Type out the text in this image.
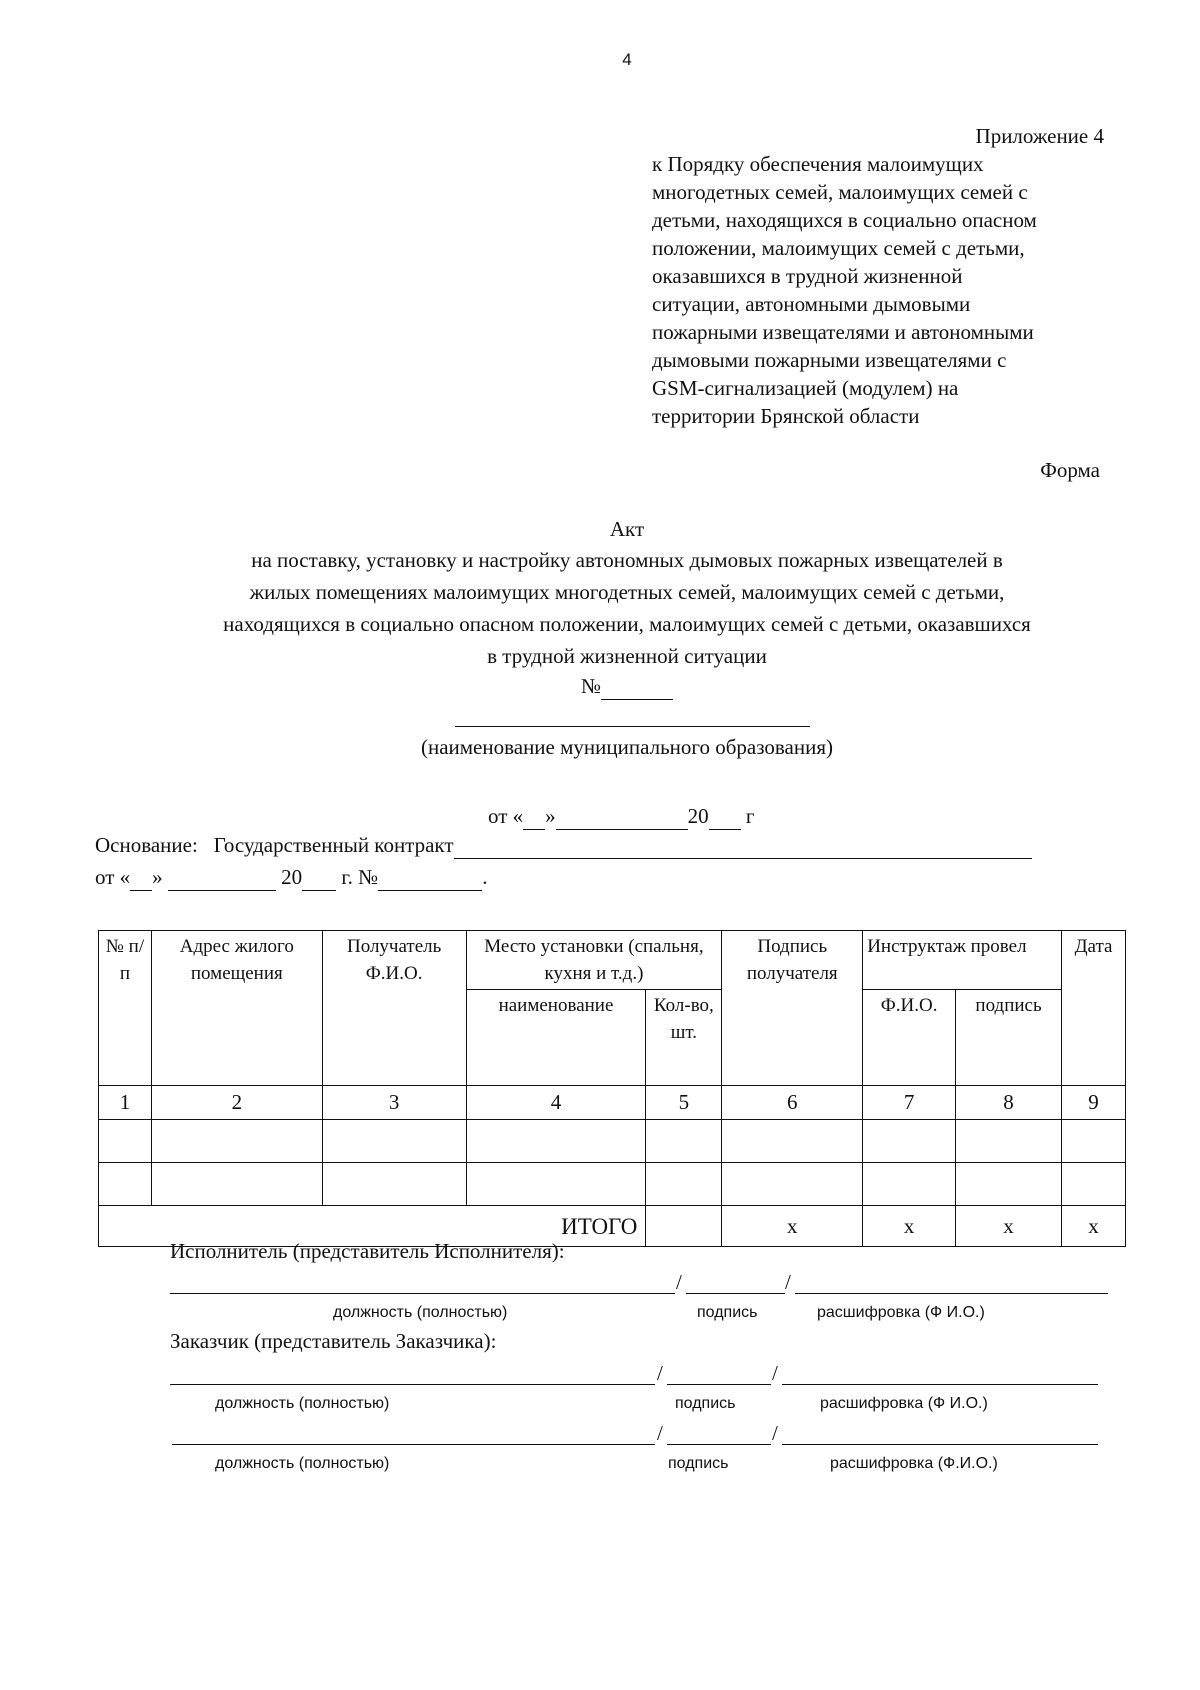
4
Приложение 4
к Порядку обеспечения малоимущих
многодетных семей, малоимущих семей с
детьми, находящихся в социально опасном
положении, малоимущих семей с детьми,
оказавшихся в трудной жизненной
ситуации, автономными дымовыми
пожарными извещателями и автономными
дымовыми пожарными извещателями с
GSM-сигнализацией (модулем) на
территории Брянской области
Форма
Акт
на поставку, установку и настройку автономных дымовых пожарных извещателей в
жилых помещениях малоимущих многодетных семей, малоимущих семей с детьми,
находящихся в социально опасном положении, малоимущих семей с детьми, оказавшихся
в трудной жизненной ситуации
№
(наименование муниципального образования)
от « »	20 г
Основание: Государственный контракт
от « »	20 г. №	.
№ п/п	Адрес жилого помещения	Получатель Ф.И.О.	Место установки (спальня, кухня и т.д.)		Подпись получателя	Инструктаж провел		Дата
			наименование	Кол-во, шт.		Ф.И.О.	подпись	
1	2	3	4	5	6	7	8	9

ИТОГО					х	х	х	х
Исполнитель (представитель Исполнителя):
/	/
должность (полностью)	подпись	расшифровка (Ф И.О.)
Заказчик (представитель Заказчика):
/	/
должность (полностью)	подпись	расшифровка (Ф И.О.)
/	/
должность (полностью)	подпись	расшифровка (Ф.И.О.)
